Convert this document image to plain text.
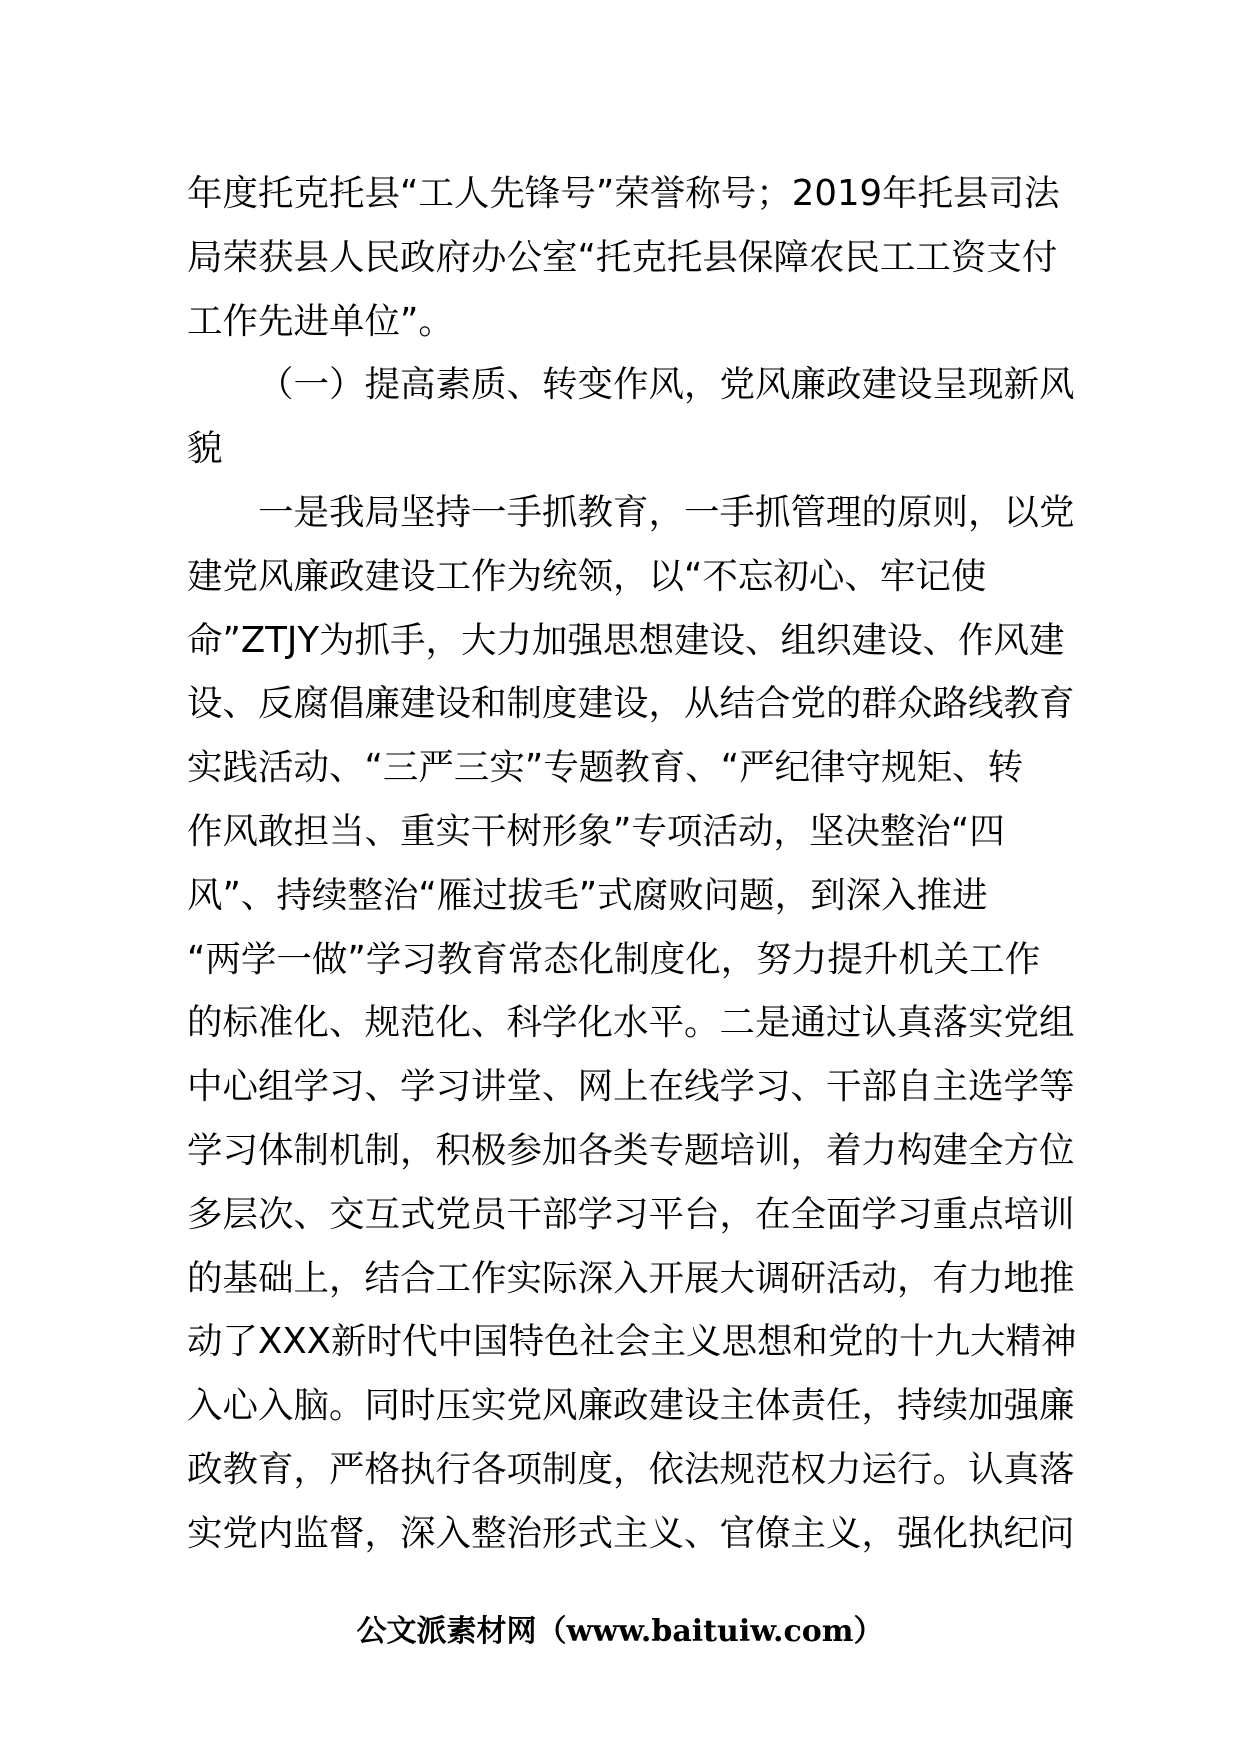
年度托克托县“工人先锋号”荣誉称号；2019年托县司法
局荣获县人民政府办公室“托克托县保障农民工工资支付
工作先进单位”。
（一）提高素质、转变作风，党风廉政建设呈现新风
貌
一是我局坚持一手抓教育，一手抓管理的原则，以党
建党风廉政建设工作为统领，以“不忘初心、牢记使
命”ZTJY为抓手，大力加强思想建设、组织建设、作风建
设、反腐倡廉建设和制度建设，从结合党的群众路线教育
实践活动、“三严三实”专题教育、“严纪律守规矩、转
作风敢担当、重实干树形象”专项活动，坚决整治“四
风”、持续整治“雁过拔毛”式腐败问题，到深入推进
“两学一做”学习教育常态化制度化，努力提升机关工作
的标准化、规范化、科学化水平。二是通过认真落实党组
中心组学习、学习讲堂、网上在线学习、干部自主选学等
学习体制机制，积极参加各类专题培训，着力构建全方位
多层次、交互式党员干部学习平台，在全面学习重点培训
的基础上，结合工作实际深入开展大调研活动，有力地推
动了XXX新时代中国特色社会主义思想和党的十九大精神
入心入脑。同时压实党风廉政建设主体责任，持续加强廉
政教育，严格执行各项制度，依法规范权力运行。认真落
实党内监督，深入整治形式主义、官僚主义，强化执纪问
公文派素材网（www.baituiw.com）
